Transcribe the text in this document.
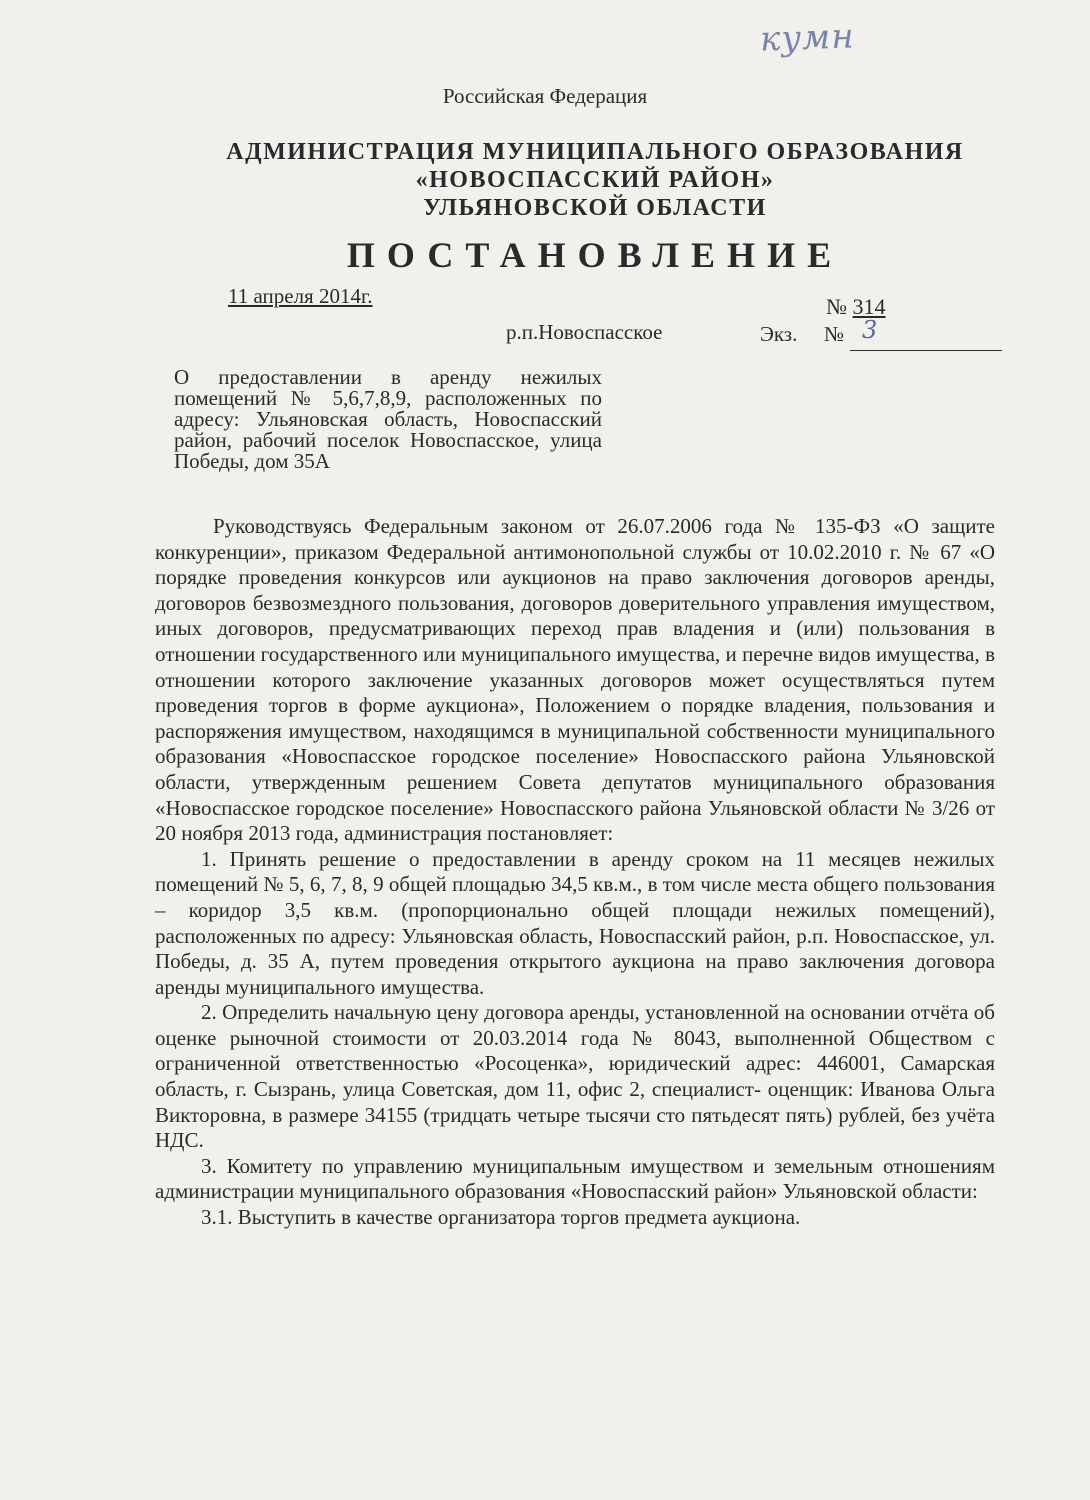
кумн
Российская Федерация
АДМИНИСТРАЦИЯ МУНИЦИПАЛЬНОГО ОБРАЗОВАНИЯ
«НОВОСПАССКИЙ РАЙОН»
УЛЬЯНОВСКОЙ ОБЛАСТИ
ПОСТАНОВЛЕНИЕ
11 апреля 2014г.	№ 314
р.п.Новоспасское	Экз. № 3
О предоставлении в аренду нежилых помещений № 5,6,7,8,9, расположенных по адресу: Ульяновская область, Новоспасский район, рабочий поселок Новоспасское, улица Победы, дом 35А

Руководствуясь Федеральным законом от 26.07.2006 года № 135-ФЗ «О защите конкуренции», приказом Федеральной антимонопольной службы от 10.02.2010 г. № 67 «О порядке проведения конкурсов или аукционов на право заключения договоров аренды, договоров безвозмездного пользования, договоров доверительного управления имуществом, иных договоров, предусматривающих переход прав владения и (или) пользования в отношении государственного или муниципального имущества, и перечне видов имущества, в отношении которого заключение указанных договоров может осуществляться путем проведения торгов в форме аукциона», Положением о порядке владения, пользования и распоряжения имуществом, находящимся в муниципальной собственности муниципального образования «Новоспасское городское поселение» Новоспасского района Ульяновской области, утвержденным решением Совета депутатов муниципального образования «Новоспасское городское поселение» Новоспасского района Ульяновской области № 3/26 от 20 ноября 2013 года, администрация постановляет:

1. Принять решение о предоставлении в аренду сроком на 11 месяцев нежилых помещений № 5, 6, 7, 8, 9 общей площадью 34,5 кв.м., в том числе места общего пользования – коридор 3,5 кв.м. (пропорционально общей площади нежилых помещений), расположенных по адресу: Ульяновская область, Новоспасский район, р.п. Новоспасское, ул. Победы, д. 35 А, путем проведения открытого аукциона на право заключения договора аренды муниципального имущества.

2. Определить начальную цену договора аренды, установленной на основании отчёта об оценке рыночной стоимости от 20.03.2014 года № 8043, выполненной Обществом с ограниченной ответственностью «Росоценка», юридический адрес: 446001, Самарская область, г. Сызрань, улица Советская, дом 11, офис 2, специалист- оценщик: Иванова Ольга Викторовна, в размере 34155 (тридцать четыре тысячи сто пятьдесят пять) рублей, без учёта НДС.

3. Комитету по управлению муниципальным имуществом и земельным отношениям администрации муниципального образования «Новоспасский район» Ульяновской области:

3.1. Выступить в качестве организатора торгов предмета аукциона.
